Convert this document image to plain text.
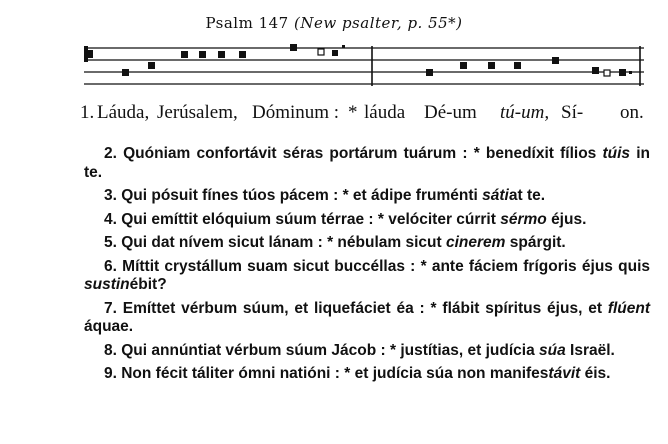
Psalm 147 (New psalter, p. 55*)
1. Láuda, Jerúsalem, Dóminum : * láuda Dé-um tú-um, Sí- on.

2. Quóniam confortávit séras portárum tuárum : * benedíxit fílios túis in te.

3. Qui pósuit fínes túos pácem : * et ádipe fruménti sátiat te.

4. Qui emíttit elóquium súum térrae : * velóciter cúrrit sérmo éjus.

5. Qui dat nívem sicut lánam : * nébulam sicut cinerem spárgit.

6. Míttit crystállum suam sicut buccéllas : * ante fáciem frígoris éjus quis sustinébit?

7. Emíttet vérbum súum, et liquefáciet éa : * flábit spíritus éjus, et flúent áquae.

8. Qui annúntiat vérbum súum Jácob : * justítias, et judícia súa Israël.

9. Non fécit táliter ómni natióni : * et judícia súa non manifestávit éis.
